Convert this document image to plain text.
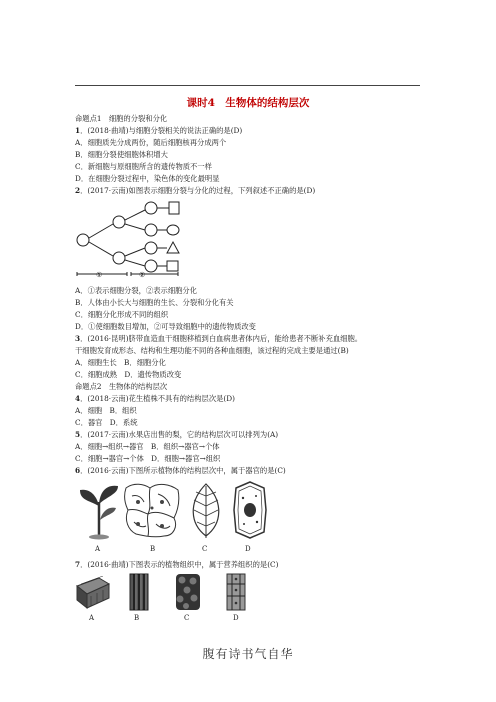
课时4　生物体的结构层次
命题点1　细胞的分裂和分化
1．(2018·曲靖)与细胞分裂相关的说法正确的是(D)
A．细胞质先分成两份，随后细胞核再分成两个
B．细胞分裂使细胞体积增大
C．新细胞与原细胞所含的遗传物质不一样
D．在细胞分裂过程中，染色体的变化最明显
2．(2017·云南)如图表示细胞分裂与分化的过程，下列叙述不正确的是(D)
①	②
A．①表示细胞分裂，②表示细胞分化
B．人体由小长大与细胞的生长、分裂和分化有关
C．细胞分化形成不同的组织
D．①使细胞数目增加，②可导致细胞中的遗传物质改变
3．(2016·昆明)脐带血造血干细胞移植到白血病患者体内后，能给患者不断补充血细胞。
干细胞发育成形态、结构和生理功能不同的各种血细胞，该过程的完成主要是通过(B)
A．细胞生长　B．细胞分化
C．细胞成熟　D．遗传物质改变
命题点2　生物体的结构层次
4．(2018·云南)花生植株不具有的结构层次是(D)
A．细胞　B．组织
C．器官　D．系统
5．(2017·云南)水果店出售的梨，它的结构层次可以排列为(A)
A．细胞→组织→器官　B．组织→器官→个体
C．细胞→器官→个体　D．细胞→器官→组织
6．(2016·云南)下图所示植物体的结构层次中，属于器官的是(C)
A	B	C	D
7．(2016·曲靖)下图表示的植物组织中，属于营养组织的是(C)
A	B	C	D
腹有诗书气自华
